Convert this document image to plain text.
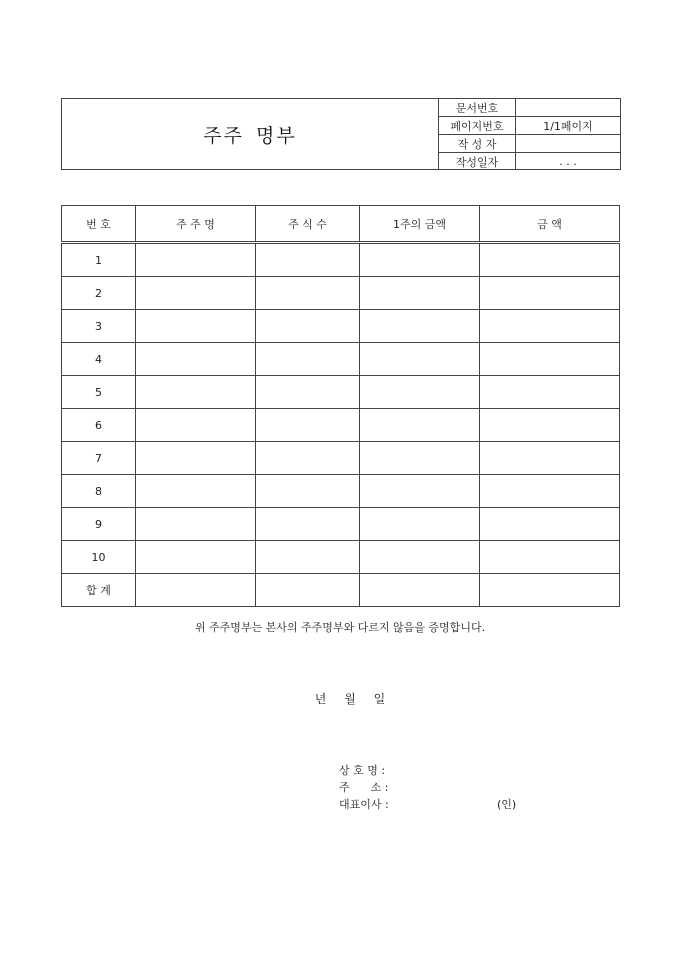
주주 명부
문서번호	
페이지번호	1/1페이지
작 성 자	
작성일자	. . .
번 호	주 주 명	주 식 수	1주의 금액	금 액
1				
2				
3				
4				
5				
6				
7				
8				
9				
10				
합 계				
위 주주명부는 본사의 주주명부와 다르지 않음을 증명합니다.
년 월 일
상 호 명 :
주      소 :
대표이사 :	(인)
